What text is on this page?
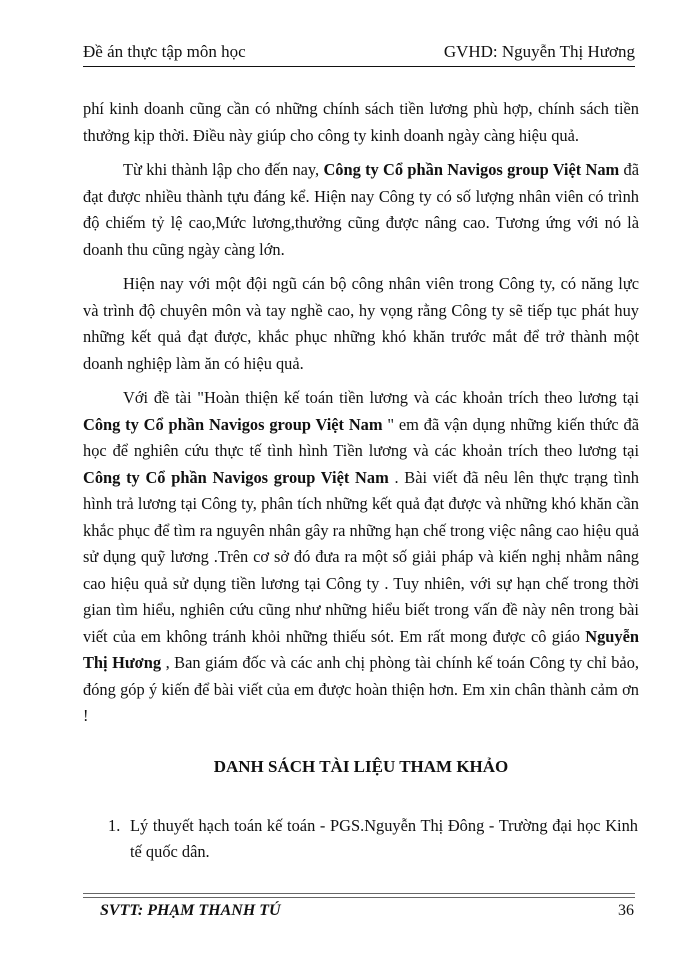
Đề án thực tập môn học	GVHD: Nguyễn Thị Hương

phí kinh doanh cũng cần có những chính sách tiền lương phù hợp, chính sách tiền thưởng kịp thời. Điều này giúp cho công ty kinh doanh ngày càng hiệu quả.

Từ khi thành lập cho đến nay, Công ty Cổ phần Navigos group Việt Nam đã đạt được nhiều thành tựu đáng kể. Hiện nay Công ty có số lượng nhân viên có trình độ chiếm tỷ lệ cao,Mức lương,thưởng cũng được nâng cao. Tương ứng với nó là doanh thu cũng ngày càng lớn.

Hiện nay với một đội ngũ cán bộ công nhân viên trong Công ty, có năng lực và trình độ chuyên môn và tay nghề cao, hy vọng rằng Công ty sẽ tiếp tục phát huy những kết quả đạt được, khắc phục những khó khăn trước mắt để trở thành một doanh nghiệp làm ăn có hiệu quả.

Với đề tài "Hoàn thiện kế toán tiền lương và các khoản trích theo lương tại Công ty Cổ phần Navigos group Việt Nam " em đã vận dụng những kiến thức đã học để nghiên cứu thực tế tình hình Tiền lương và các khoản trích theo lương tại Công ty Cổ phần Navigos group Việt Nam . Bài viết đã nêu lên thực trạng tình hình trả lương tại Công ty, phân tích những kết quả đạt được và những khó khăn cần khắc phục để tìm ra nguyên nhân gây ra những hạn chế trong việc nâng cao hiệu quả sử dụng quỹ lương .Trên cơ sở đó đưa ra một số giải pháp và kiến nghị nhằm nâng cao hiệu quả sử dụng tiền lương tại Công ty . Tuy nhiên, với sự hạn chế trong thời gian tìm hiểu, nghiên cứu cũng như những hiểu biết trong vấn đề này nên trong bài viết của em không tránh khỏi những thiếu sót. Em rất mong được cô giáo Nguyễn Thị Hương , Ban giám đốc và các anh chị phòng tài chính kế toán Công ty chỉ bảo, đóng góp ý kiến để bài viết của em được hoàn thiện hơn. Em xin chân thành cảm ơn !

DANH SÁCH TÀI LIỆU THAM KHẢO
1. Lý thuyết hạch toán kế toán - PGS.Nguyễn Thị Đông - Trường đại học Kinh tế quốc dân.
SVTT: PHẠM THANH TÚ	36
